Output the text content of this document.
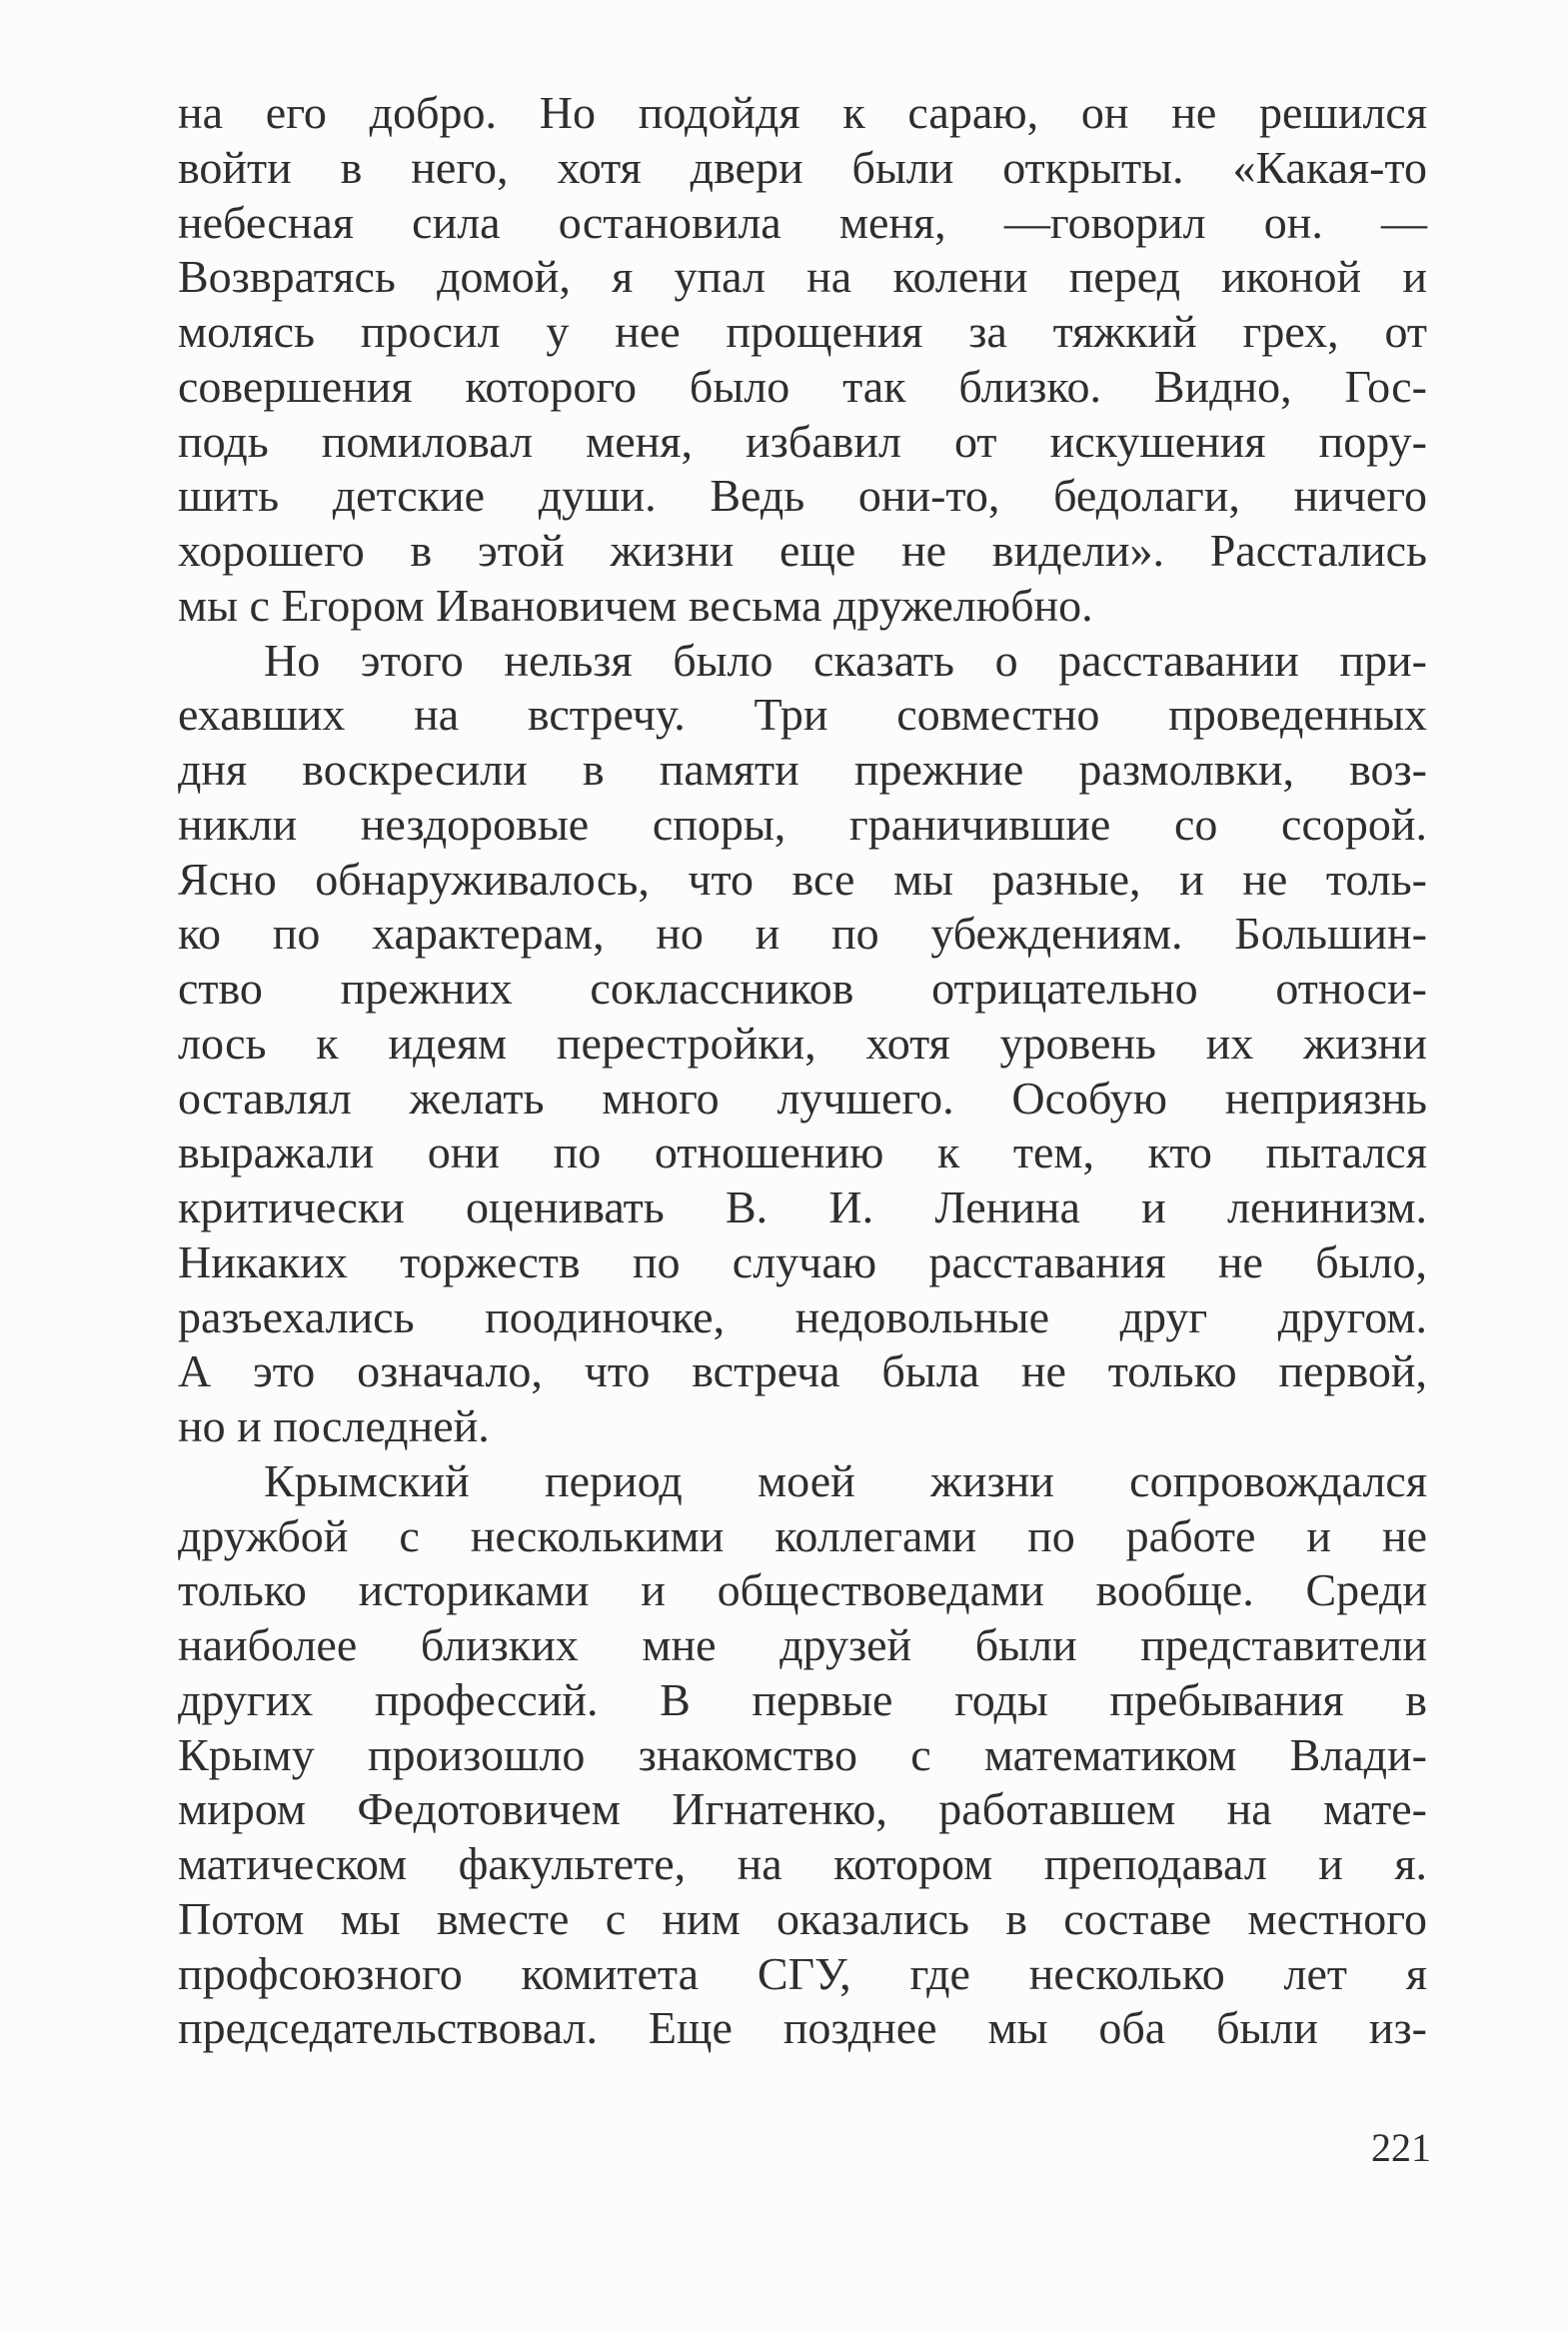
на его добро. Но подойдя к сараю, он не решился
войти в него, хотя двери были открыты. «Какая-то
небесная сила остановила меня, —говорил он. —
Возвратясь домой, я упал на колени перед иконой и
молясь просил у нее прощения за тяжкий грех, от
совершения которого было так близко. Видно, Гос-
подь помиловал меня, избавил от искушения пору-
шить детские души. Ведь они-то, бедолаги, ничего
хорошего в этой жизни еще не видели». Расстались
мы с Егором Ивановичем весьма дружелюбно.
Но этого нельзя было сказать о расставании при-
ехавших на встречу. Три совместно проведенных
дня воскресили в памяти прежние размолвки, воз-
никли нездоровые споры, граничившие со ссорой.
Ясно обнаруживалось, что все мы разные, и не толь-
ко по характерам, но и по убеждениям. Большин-
ство прежних соклассников отрицательно относи-
лось к идеям перестройки, хотя уровень их жизни
оставлял желать много лучшего. Особую неприязнь
выражали они по отношению к тем, кто пытался
критически оценивать В. И. Ленина и ленинизм.
Никаких торжеств по случаю расставания не было,
разъехались поодиночке, недовольные друг другом.
А это означало, что встреча была не только первой,
но и последней.
Крымский период моей жизни сопровождался
дружбой с несколькими коллегами по работе и не
только историками и обществоведами вообще. Среди
наиболее близких мне друзей были представители
других профессий. В первые годы пребывания в
Крыму произошло знакомство с математиком Влади-
миром Федотовичем Игнатенко, работавшем на мате-
матическом факультете, на котором преподавал и я.
Потом мы вместе с ним оказались в составе местного
профсоюзного комитета СГУ, где несколько лет я
председательствовал. Еще позднее мы оба были из-
221
